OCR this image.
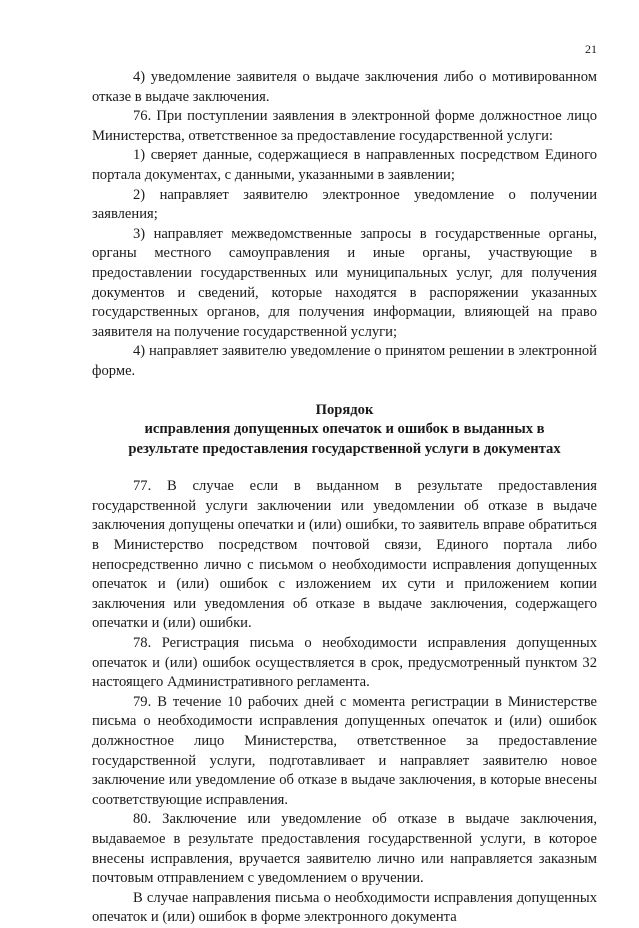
21

4) уведомление заявителя о выдаче заключения либо о мотивированном отказе в выдаче заключения.

76. При поступлении заявления в электронной форме должностное лицо Министерства, ответственное за предоставление государственной услуги:

1) сверяет данные, содержащиеся в направленных посредством Единого портала документах, с данными, указанными в заявлении;

2) направляет заявителю электронное уведомление о получении заявления;

3) направляет межведомственные запросы в государственные органы, органы местного самоуправления и иные органы, участвующие в предоставлении государственных или муниципальных услуг, для получения документов и сведений, которые находятся в распоряжении указанных государственных органов, для получения информации, влияющей на право заявителя на получение государственной услуги;

4) направляет заявителю уведомление о принятом решении в электронной форме.

Порядок
исправления допущенных опечаток и ошибок в выданных в
результате предоставления государственной услуги в документах

77. В случае если в выданном в результате предоставления государственной услуги заключении или уведомлении об отказе в выдаче заключения допущены опечатки и (или) ошибки, то заявитель вправе обратиться в Министерство посредством почтовой связи, Единого портала либо непосредственно лично с письмом о необходимости исправления допущенных опечаток и (или) ошибок с изложением их сути и приложением копии заключения или уведомления об отказе в выдаче заключения, содержащего опечатки и (или) ошибки.

78. Регистрация письма о необходимости исправления допущенных опечаток и (или) ошибок осуществляется в срок, предусмотренный пунктом 32 настоящего Административного регламента.

79. В течение 10 рабочих дней с момента регистрации в Министерстве письма о необходимости исправления допущенных опечаток и (или) ошибок должностное лицо Министерства, ответственное за предоставление государственной услуги, подготавливает и направляет заявителю новое заключение или уведомление об отказе в выдаче заключения, в которые внесены соответствующие исправления.

80. Заключение или уведомление об отказе в выдаче заключения, выдаваемое в результате предоставления государственной услуги, в которое внесены исправления, вручается заявителю лично или направляется заказным почтовым отправлением с уведомлением о вручении.

В случае направления письма о необходимости исправления допущенных опечаток и (или) ошибок в форме электронного документа
